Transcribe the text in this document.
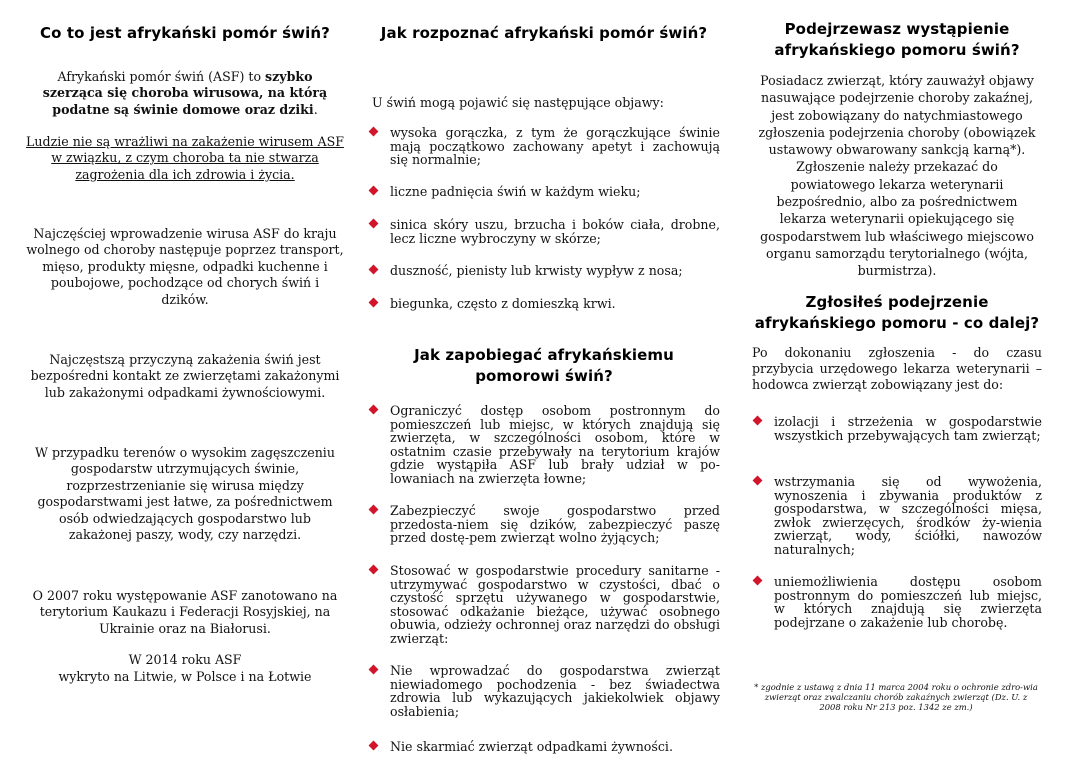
Co to jest afrykański pomór świń?

Afrykański pomór świń (ASF) to szybko szerząca się choroba wirusowa, na którą podatne są świnie domowe oraz dziki.

Ludzie nie są wrażliwi na zakażenie wirusem ASF w związku, z czym choroba ta nie stwarza zagrożenia dla ich zdrowia i życia.

Najczęściej wprowadzenie wirusa ASF do kraju wolnego od choroby następuje poprzez transport, mięso, produkty mięsne, odpadki kuchenne i poubojowe, pochodzące od chorych świń i dzików.

Najczęstszą przyczyną zakażenia świń jest bezpośredni kontakt ze zwierzętami zakażonymi lub zakażonymi odpadkami żywnościowymi.

W przypadku terenów o wysokim zagęszczeniu gospodarstw utrzymujących świnie, rozprzestrzenianie się wirusa między gospodarstwami jest łatwe, za pośrednictwem osób odwiedzających gospodarstwo lub zakażonej paszy, wody, czy narzędzi.

O 2007 roku występowanie ASF zanotowano na terytorium Kaukazu i Federacji Rosyjskiej, na Ukrainie oraz na Białorusi.

W 2014 roku ASF

wykryto na Litwie, w Polsce i na Łotwie

Jak rozpoznać afrykański pomór świń?

U świń mogą pojawić się następujące objawy:

wysoka gorączka, z tym że gorączkujące świnie mają początkowo zachowany apetyt i zachowują się normalnie;
liczne padnięcia świń w każdym wieku;
sinica skóry uszu, brzucha i boków ciała, drobne, lecz liczne wybroczyny w skórze;
duszność, pienisty lub krwisty wypływ z nosa;
biegunka, często z domieszką krwi.
Jak zapobiegać afrykańskiemu pomorowi świń?
Ograniczyć dostęp osobom postronnym do pomieszczeń lub miejsc, w których znajdują się zwierzęta, w szczególności osobom, które w ostatnim czasie przebywały na terytorium krajów gdzie wystąpiła ASF lub brały udział w po-lowaniach na zwierzęta łowne;
Zabezpieczyć swoje gospodarstwo przed przedosta-niem się dzików, zabezpieczyć paszę przed dostę-pem zwierząt wolno żyjących;
Stosować w gospodarstwie procedury sanitarne - utrzymywać gospodarstwo w czystości, dbać o czystość sprzętu używanego w gospodarstwie, stosować odkażanie bieżące, używać osobnego obuwia, odzieży ochronnej oraz narzędzi do obsługi zwierząt:
Nie wprowadzać do gospodarstwa zwierząt niewiadomego pochodzenia - bez świadectwa zdrowia lub wykazujących jakiekolwiek objawy osłabienia;
Nie skarmiać zwierząt odpadkami żywności.
Podejrzewasz wystąpienie afrykańskiego pomoru świń?

Posiadacz zwierząt, który zauważył objawy nasuwające podejrzenie choroby zakaźnej, jest zobowiązany do natychmiastowego zgłoszenia podejrzenia choroby (obowiązek ustawowy obwarowany sankcją karną*). Zgłoszenie należy przekazać do powiatowego lekarza weterynarii bezpośrednio, albo za pośrednictwem lekarza weterynarii opiekującego się gospodarstwem lub właściwego miejscowo organu samorządu terytorialnego (wójta, burmistrza).

Zgłosiłeś podejrzenie afrykańskiego pomoru - co dalej?

Po dokonaniu zgłoszenia - do czasu przybycia urzędowego lekarza weterynarii – hodowca zwierząt zobowiązany jest do:

izolacji i strzeżenia w gospodarstwie wszystkich przebywających tam zwierząt;
wstrzymania się od wywożenia, wynoszenia i zbywania produktów z gospodarstwa, w szczególności mięsa, zwłok zwierzęcych, środków ży-wienia zwierząt, wody, ściółki, nawozów naturalnych;
uniemożliwienia dostępu osobom postronnym do pomieszczeń lub miejsc, w których znajdują się zwierzęta podejrzane o zakażenie lub chorobę.

* zgodnie z ustawą z dnia 11 marca 2004 roku o ochronie zdro-wia zwierząt oraz zwalczaniu chorób zakaźnych zwierząt (Dz. U. z 2008 roku Nr 213 poz. 1342 ze zm.)
